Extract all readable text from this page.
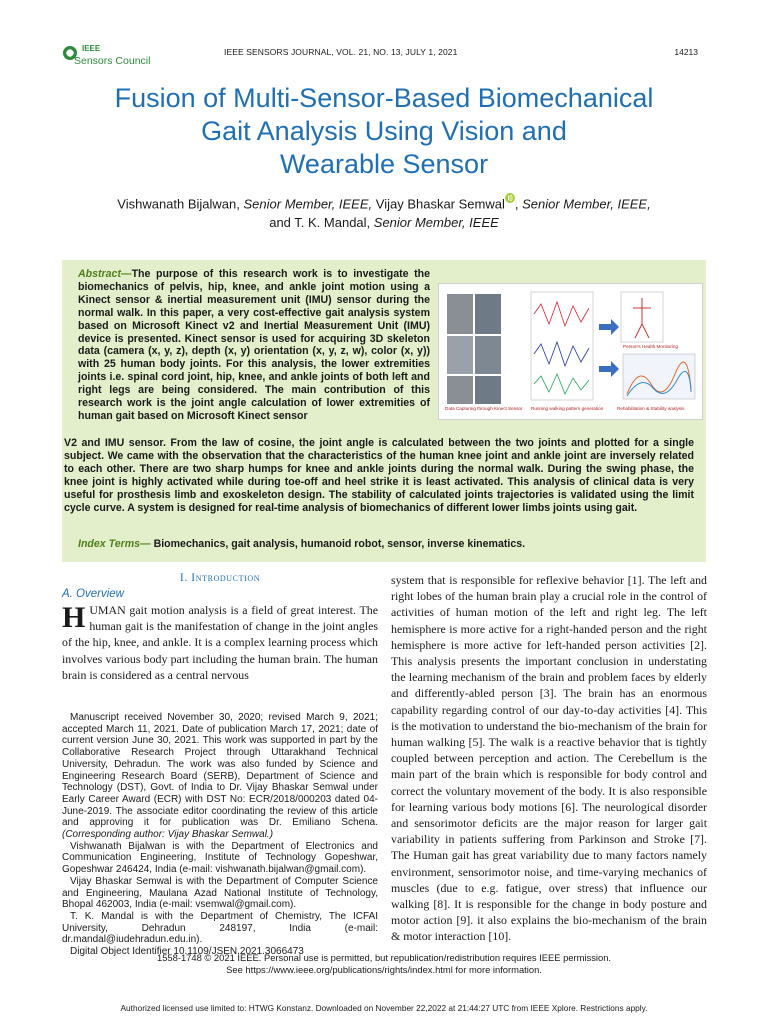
IEEE
Sensors Council
IEEE SENSORS JOURNAL, VOL. 21, NO. 13, JULY 1, 2021	14213
Fusion of Multi-Sensor-Based Biomechanical
Gait Analysis Using Vision and
Wearable Sensor
Vishwanath Bijalwan, Senior Member, IEEE, Vijay Bhaskar Semwal , Senior Member, IEEE,
and T. K. Mandal, Senior Member, IEEE
Abstract—The purpose of this research work is to investigate the biomechanics of pelvis, hip, knee, and ankle joint motion using a Kinect sensor & inertial measurement unit (IMU) sensor during the normal walk. In this paper, a very cost-effective gait analysis system based on Microsoft Kinect v2 and Inertial Measurement Unit (IMU) device is presented. Kinect sensor is used for acquiring 3D skeleton data (camera (x, y, z), depth (x, y) orientation (x, y, z, w), color (x, y)) with 25 human body joints. For this analysis, the lower extremities joints i.e. spinal cord joint, hip, knee, and ankle joints of both left and right legs are being considered. The main contribution of this research work is the joint angle calculation of lower extremities of human gait based on Microsoft Kinect sensor
V2 and IMU sensor. From the law of cosine, the joint angle is calculated between the two joints and plotted for a single subject. We came with the observation that the characteristics of the human knee joint and ankle joint are inversely related to each other. There are two sharp humps for knee and ankle joints during the normal walk. During the swing phase, the knee joint is highly activated while during toe-off and heel strike it is least activated. This analysis of clinical data is very useful for prosthesis limb and exoskeleton design. The stability of calculated joints trajectories is validated using the limit cycle curve. A system is designed for real-time analysis of biomechanics of different lower limbs joints using gait.
Data Capturing through Kinect Sensor Running walking pattern generation
Person's Health Monitoring
Rehabilitation & Stability analysis
Index Terms— Biomechanics, gait analysis, humanoid robot, sensor, inverse kinematics.
I. Introduction
A. Overview

HUMAN gait motion analysis is a field of great interest. The human gait is the manifestation of change in the joint angles of the hip, knee, and ankle. It is a complex learning process which involves various body part including the human brain. The human brain is considered as a central nervous

Manuscript received November 30, 2020; revised March 9, 2021; accepted March 11, 2021. Date of publication March 17, 2021; date of current version June 30, 2021. This work was supported in part by the Collaborative Research Project through Uttarakhand Technical University, Dehradun. The work was also funded by Science and Engineering Research Board (SERB), Department of Science and Technology (DST), Govt. of India to Dr. Vijay Bhaskar Semwal under Early Career Award (ECR) with DST No: ECR/2018/000203 dated 04-June-2019. The associate editor coordinating the review of this article and approving it for publication was Dr. Emiliano Schena. (Corresponding author: Vijay Bhaskar Semwal.)

Vishwanath Bijalwan is with the Department of Electronics and Communication Engineering, Institute of Technology Gopeshwar, Gopeshwar 246424, India (e-mail: vishwanath.bijalwan@gmail.com).

Vijay Bhaskar Semwal is with the Department of Computer Science and Engineering, Maulana Azad National Institute of Technology, Bhopal 462003, India (e-mail: vsemwal@gmail.com).

T. K. Mandal is with the Department of Chemistry, The ICFAI University, Dehradun 248197, India (e-mail: dr.mandal@iudehradun.edu.in).

Digital Object Identifier 10.1109/JSEN.2021.3066473

system that is responsible for reflexive behavior [1]. The left and right lobes of the human brain play a crucial role in the control of activities of human motion of the left and right leg. The left hemisphere is more active for a right-handed person and the right hemisphere is more active for left-handed person activities [2]. This analysis presents the important conclusion in understating the learning mechanism of the brain and problem faces by elderly and differently-abled person [3]. The brain has an enormous capability regarding control of our day-to-day activities [4]. This is the motivation to understand the bio-mechanism of the brain for human walking [5]. The walk is a reactive behavior that is tightly coupled between perception and action. The Cerebellum is the main part of the brain which is responsible for body control and correct the voluntary movement of the body. It is also responsible for learning various body motions [6]. The neurological disorder and sensorimotor deficits are the major reason for larger gait variability in patients suffering from Parkinson and Stroke [7]. The Human gait has great variability due to many factors namely environment, sensorimotor noise, and time-varying mechanics of muscles (due to e.g. fatigue, over stress) that influence our walking [8]. It is responsible for the change in body posture and motor action [9]. it also explains the bio-mechanism of the brain & motor interaction [10].

1558-1748 © 2021 IEEE. Personal use is permitted, but republication/redistribution requires IEEE permission.
See https://www.ieee.org/publications/rights/index.html for more information.
Authorized licensed use limited to: HTWG Konstanz. Downloaded on November 22,2022 at 21:44:27 UTC from IEEE Xplore. Restrictions apply.
